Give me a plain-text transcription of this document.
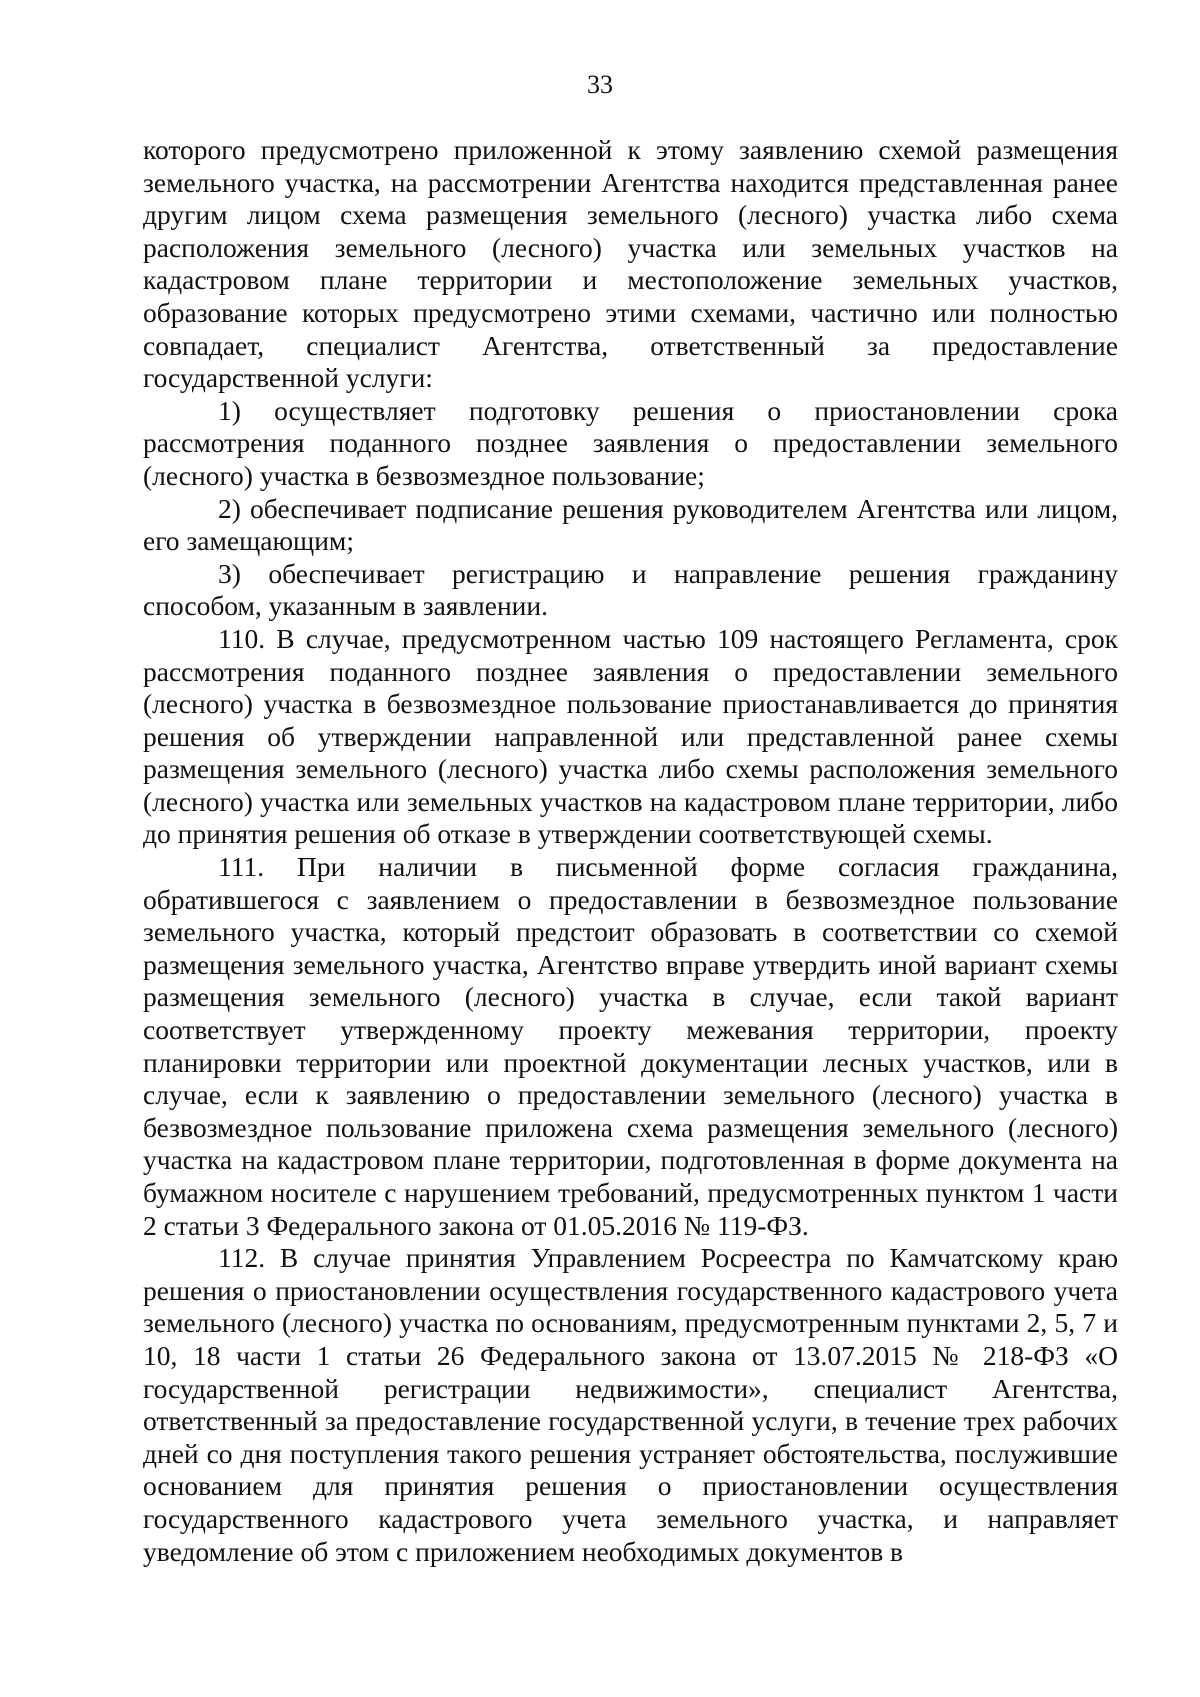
33

которого предусмотрено приложенной к этому заявлению схемой размещения земельного участка, на рассмотрении Агентства находится представленная ранее другим лицом схема размещения земельного (лесного) участка либо схема расположения земельного (лесного) участка или земельных участков на кадастровом плане территории и местоположение земельных участков, образование которых предусмотрено этими схемами, частично или полностью совпадает, специалист Агентства, ответственный за предоставление государственной услуги:

1) осуществляет подготовку решения о приостановлении срока рассмотрения поданного позднее заявления о предоставлении земельного (лесного) участка в безвозмездное пользование;

2) обеспечивает подписание решения руководителем Агентства или лицом, его замещающим;

3) обеспечивает регистрацию и направление решения гражданину способом, указанным в заявлении.

110. В случае, предусмотренном частью 109 настоящего Регламента, срок рассмотрения поданного позднее заявления о предоставлении земельного (лесного) участка в безвозмездное пользование приостанавливается до принятия решения об утверждении направленной или представленной ранее схемы размещения земельного (лесного) участка либо схемы расположения земельного (лесного) участка или земельных участков на кадастровом плане территории, либо до принятия решения об отказе в утверждении соответствующей схемы.

111. При наличии в письменной форме согласия гражданина, обратившегося с заявлением о предоставлении в безвозмездное пользование земельного участка, который предстоит образовать в соответствии со схемой размещения земельного участка, Агентство вправе утвердить иной вариант схемы размещения земельного (лесного) участка в случае, если такой вариант соответствует утвержденному проекту межевания территории, проекту планировки территории или проектной документации лесных участков, или в случае, если к заявлению о предоставлении земельного (лесного) участка в безвозмездное пользование приложена схема размещения земельного (лесного) участка на кадастровом плане территории, подготовленная в форме документа на бумажном носителе с нарушением требований, предусмотренных пунктом 1 части 2 статьи 3 Федерального закона от 01.05.2016 № 119-ФЗ.

112. В случае принятия Управлением Росреестра по Камчатскому краю решения о приостановлении осуществления государственного кадастрового учета земельного (лесного) участка по основаниям, предусмотренным пунктами 2, 5, 7 и 10, 18 части 1 статьи 26 Федерального закона от 13.07.2015 № 218-ФЗ «О государственной регистрации недвижимости», специалист Агентства, ответственный за предоставление государственной услуги, в течение трех рабочих дней со дня поступления такого решения устраняет обстоятельства, послужившие основанием для принятия решения о приостановлении осуществления государственного кадастрового учета земельного участка, и направляет уведомление об этом с приложением необходимых документов в
